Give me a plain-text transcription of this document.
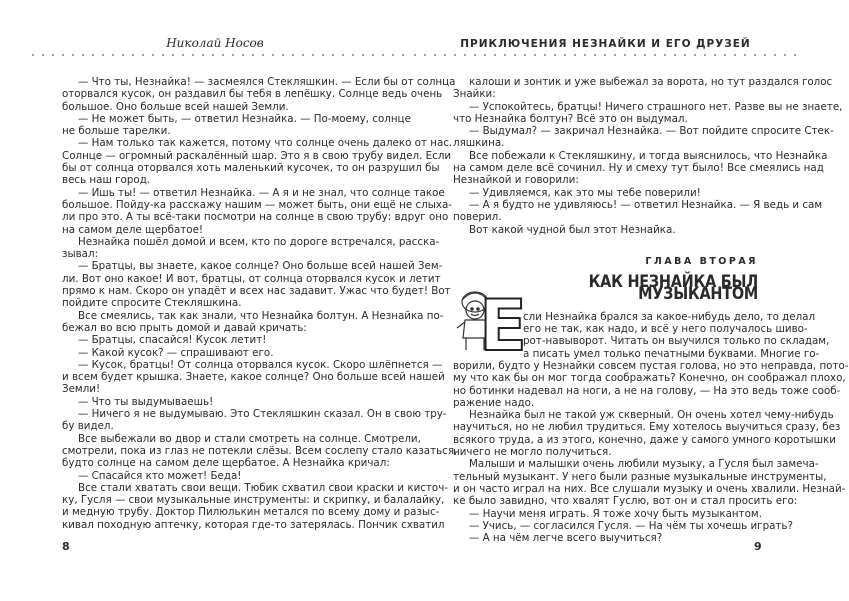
Николай Носов	ПРИКЛЮЧЕНИЯ НЕЗНАЙКИ И ЕГО ДРУЗЕЙ
— Что ты, Незнайка! — засмеялся Стекляшкин. — Если бы от солнца
оторвался кусок, он раздавил бы тебя в лепёшку. Солнце ведь очень
большое. Оно больше всей нашей Земли.
— Не может быть, — ответил Незнайка. — По-моему, солнце
не больше тарелки.
— Нам только так кажется, потому что солнце очень далеко от нас.
Солнце — огромный раскалённый шар. Это я в свою трубу видел. Если
бы от солнца оторвался хоть маленький кусочек, то он разрушил бы
весь наш город.
— Ишь ты! — ответил Незнайка. — А я и не знал, что солнце такое
большое. Пойду-ка расскажу нашим — может быть, они ещё не слыха-
ли про это. А ты всё-таки посмотри на солнце в свою трубу: вдруг оно
на самом деле щербатое!
Незнайка пошёл домой и всем, кто по дороге встречался, расска-
зывал:
— Братцы, вы знаете, какое солнце? Оно больше всей нашей Зем-
ли. Вот оно какое! И вот, братцы, от солнца оторвался кусок и летит
прямо к нам. Скоро он упадёт и всех нас задавит. Ужас что будет! Вот
пойдите спросите Стекляшкина.
Все смеялись, так как знали, что Незнайка болтун. А Незнайка по-
бежал во всю прыть домой и давай кричать:
— Братцы, спасайся! Кусок летит!
— Какой кусок? — спрашивают его.
— Кусок, братцы! От солнца оторвался кусок. Скоро шлёпнется —
и всем будет крышка. Знаете, какое солнце? Оно больше всей нашей
Земли!
— Что ты выдумываешь!
— Ничего я не выдумываю. Это Стекляшкин сказал. Он в свою тру-
бу видел.
Все выбежали во двор и стали смотреть на солнце. Смотрели,
смотрели, пока из глаз не потекли слёзы. Всем сослепу стало казаться,
будто солнце на самом деле щербатое. А Незнайка кричал:
— Спасайся кто может! Беда!
Все стали хватать свои вещи. Тюбик схватил свои краски и кисточ-
ку, Гусля — свои музыкальные инструменты: и скрипку, и балалайку,
и медную трубу. Доктор Пилюлькин метался по всему дому и разыс-
кивал походную аптечку, которая где-то затерялась. Пончик схватил
калоши и зонтик и уже выбежал за ворота, но тут раздался голос
Знайки:
— Успокойтесь, братцы! Ничего страшного нет. Разве вы не знаете,
что Незнайка болтун? Всё это он выдумал.
— Выдумал? — закричал Незнайка. — Вот пойдите спросите Стек-
ляшкина.
Все побежали к Стекляшкину, и тогда выяснилось, что Незнайка
на самом деле всё сочинил. Ну и смеху тут было! Все смеялись над
Незнайкой и говорили:
— Удивляемся, как это мы тебе поверили!
— А я будто не удивляюсь! — ответил Незнайка. — Я ведь и сам
поверил.
Вот какой чудной был этот Незнайка.
ГЛАВА ВТОРАЯ
КАК НЕЗНАЙКА БЫЛ МУЗЫКАНТОМ
сли Незнайка брался за какое-нибудь дело, то делал
его не так, как надо, и всё у него получалось шиво-
рот-навыворот. Читать он выучился только по складам,
а писать умел только печатными буквами. Многие го-
ворили, будто у Незнайки совсем пустая голова, но это неправда, пото-
му что как бы он мог тогда соображать? Конечно, он соображал плохо,
но ботинки надевал на ноги, а не на голову, — На это ведь тоже сооб-
ражение надо.
Незнайка был не такой уж скверный. Он очень хотел чему-нибудь
научиться, но не любил трудиться. Ему хотелось выучиться сразу, без
всякого труда, а из этого, конечно, даже у самого умного коротышки
ничего не могло получиться.
Малыши и малышки очень любили музыку, а Гусля был замеча-
тельный музыкант. У него были разные музыкальные инструменты,
и он часто играл на них. Все слушали музыку и очень хвалили. Незнай-
ке было завидно, что хвалят Гуслю, вот он и стал просить его:
— Научи меня играть. Я тоже хочу быть музыкантом.
— Учись, — согласился Гусля. — На чём ты хочешь играть?
— А на чём легче всего выучиться?
Е
8	9
